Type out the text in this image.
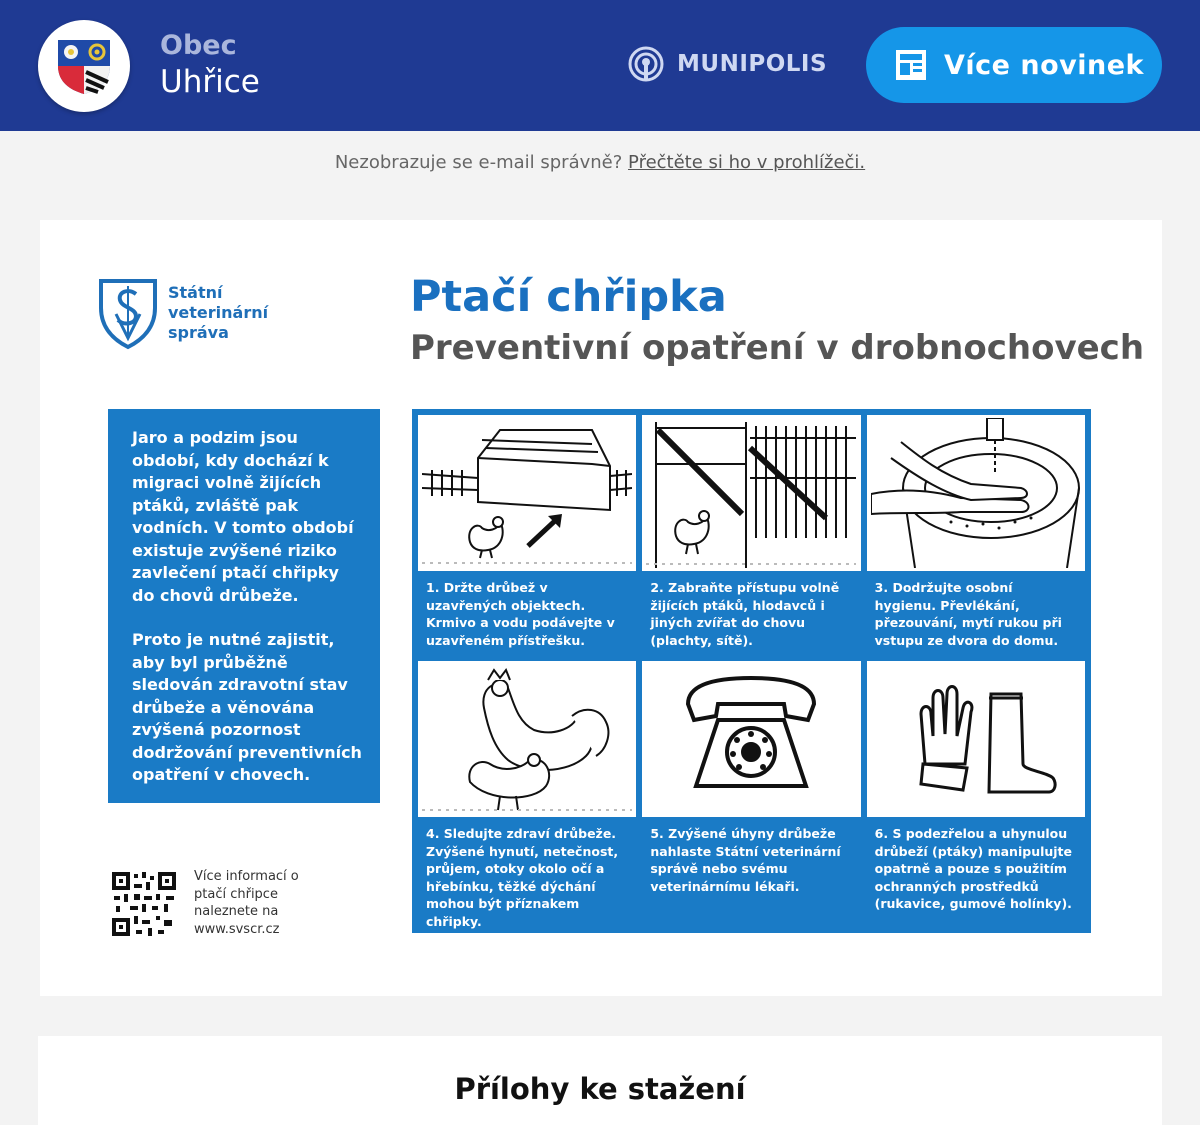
Obec
Uhřice	MUNIPOLIS	Více novinek
Nezobrazuje se e-mail správně? Přečtěte si ho v prohlížeči.
Státní veterinární správa
Ptačí chřipka
Preventivní opatření v drobnochovech

Jaro a podzim jsou období, kdy dochází k migraci volně žijících ptáků, zvláště pak vodních. V tomto období existuje zvýšené riziko zavlečení ptačí chřipky do chovů drůbeže.

Proto je nutné zajistit, aby byl průběžně sledován zdravotní stav drůbeže a věnována zvýšená pozornost dodržování preventivních opatření v chovech.

Více informací o ptačí chřipce naleznete na www.svscr.cz
1. Držte drůbež v uzavřených objektech. Krmivo a vodu podávejte v uzavřeném přístřešku.
2. Zabraňte přístupu volně žijících ptáků, hlodavců i jiných zvířat do chovu (plachty, sítě).
3. Dodržujte osobní hygienu. Převlékání, přezouvání, mytí rukou při vstupu ze dvora do domu.
4. Sledujte zdraví drůbeže. Zvýšené hynutí, netečnost, průjem, otoky okolo očí a hřebínku, těžké dýchání mohou být příznakem chřipky.
5. Zvýšené úhyny drůbeže nahlaste Státní veterinární správě nebo svému veterinárnímu lékaři.
6. S podezřelou a uhynulou drůbeží (ptáky) manipulujte opatrně a pouze s použitím ochranných prostředků (rukavice, gumové holínky).
Přílohy ke stažení
